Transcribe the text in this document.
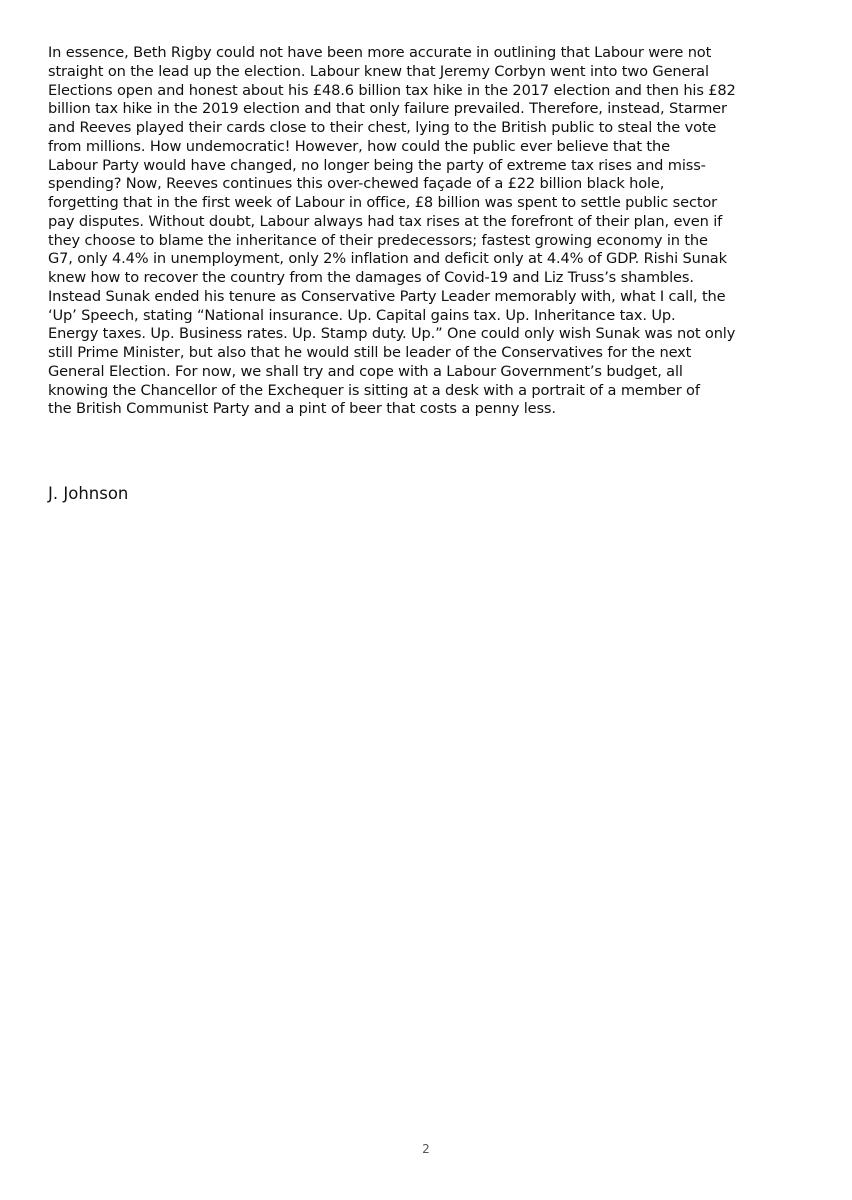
In essence, Beth Rigby could not have been more accurate in outlining that Labour were not
straight on the lead up the election. Labour knew that Jeremy Corbyn went into two General
Elections open and honest about his £48.6 billion tax hike in the 2017 election and then his £82
billion tax hike in the 2019 election and that only failure prevailed. Therefore, instead, Starmer
and Reeves played their cards close to their chest, lying to the British public to steal the vote
from millions. How undemocratic! However, how could the public ever believe that the
Labour Party would have changed, no longer being the party of extreme tax rises and miss-
spending? Now, Reeves continues this over-chewed façade of a £22 billion black hole,
forgetting that in the first week of Labour in office, £8 billion was spent to settle public sector
pay disputes. Without doubt, Labour always had tax rises at the forefront of their plan, even if
they choose to blame the inheritance of their predecessors; fastest growing economy in the
G7, only 4.4% in unemployment, only 2% inflation and deficit only at 4.4% of GDP. Rishi Sunak
knew how to recover the country from the damages of Covid-19 and Liz Truss’s shambles.
Instead Sunak ended his tenure as Conservative Party Leader memorably with, what I call, the
‘Up’ Speech, stating “National insurance. Up. Capital gains tax. Up. Inheritance tax. Up.
Energy taxes. Up. Business rates. Up. Stamp duty. Up.” One could only wish Sunak was not only
still Prime Minister, but also that he would still be leader of the Conservatives for the next
General Election. For now, we shall try and cope with a Labour Government’s budget, all
knowing the Chancellor of the Exchequer is sitting at a desk with a portrait of a member of
the British Communist Party and a pint of beer that costs a penny less.

J. Johnson

2
